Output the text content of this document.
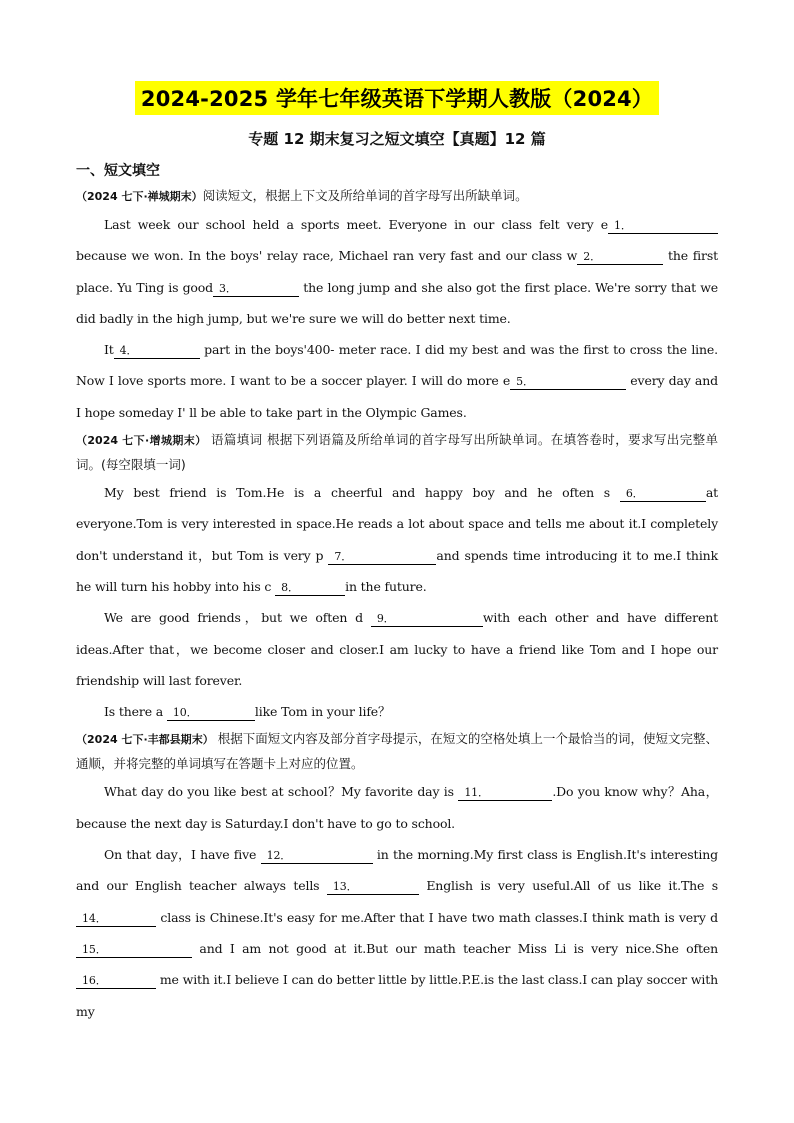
2024-2025 学年七年级英语下学期人教版（2024）
专题 12 期末复习之短文填空【真题】12 篇
一、短文填空

（2024 七下·禅城期末）阅读短文，根据上下文及所给单词的首字母写出所缺单词。

Last week our school held a sports meet. Everyone in our class felt very e 1． because we won. In the boys' relay race, Michael ran very fast and our class w 2．	the first place. Yu Ting is good 3．	the long jump and she also got the first place. We're sorry that we did badly in the high jump, but we're sure we will do better next time.

It 4．	part in the boys'400- meter race. I did my best and was the first to cross the line. Now I love sports more. I want to be a soccer player. I will do more e 5．	every day and I hope someday I' ll be able to take part in the Olympic Games.

（2024 七下·增城期末） 语篇填词 根据下列语篇及所给单词的首字母写出所缺单词。在填答卷时，要求写出完整单词。(每空限填一词)

My best friend is Tom.He is a cheerful and happy boy and he often s 6．	at everyone.Tom is very interested in space.He reads a lot about space and tells me about it.I completely don't understand it，but Tom is very p 7．	and spends time introducing it to me.I think he will turn his hobby into his c 8．	in the future.

We are good friends，but we often d 9．	with each other and have different ideas.After that，we become closer and closer.I am lucky to have a friend like Tom and I hope our friendship will last forever.

Is there a 10．	like Tom in your life？

（2024 七下·丰都县期末） 根据下面短文内容及部分首字母提示，在短文的空格处填上一个最恰当的词，使短文完整、通顺，并将完整的单词填写在答题卡上对应的位置。

What day do you like best at school？My favorite day is 11．	.Do you know why？Aha，because the next day is Saturday.I don't have to go to school.

On that day，I have five 12．	in the morning.My first class is English.It's interesting and our English teacher always tells 13．	English is very useful.All of us like it.The s 14．	class is Chinese.It's easy for me.After that I have two math classes.I think math is very d 15．	and I am not good at it.But our math teacher Miss Li is very nice.She often 16．	me with it.I believe I can do better little by little.P.E.is the last class.I can play soccer with my
